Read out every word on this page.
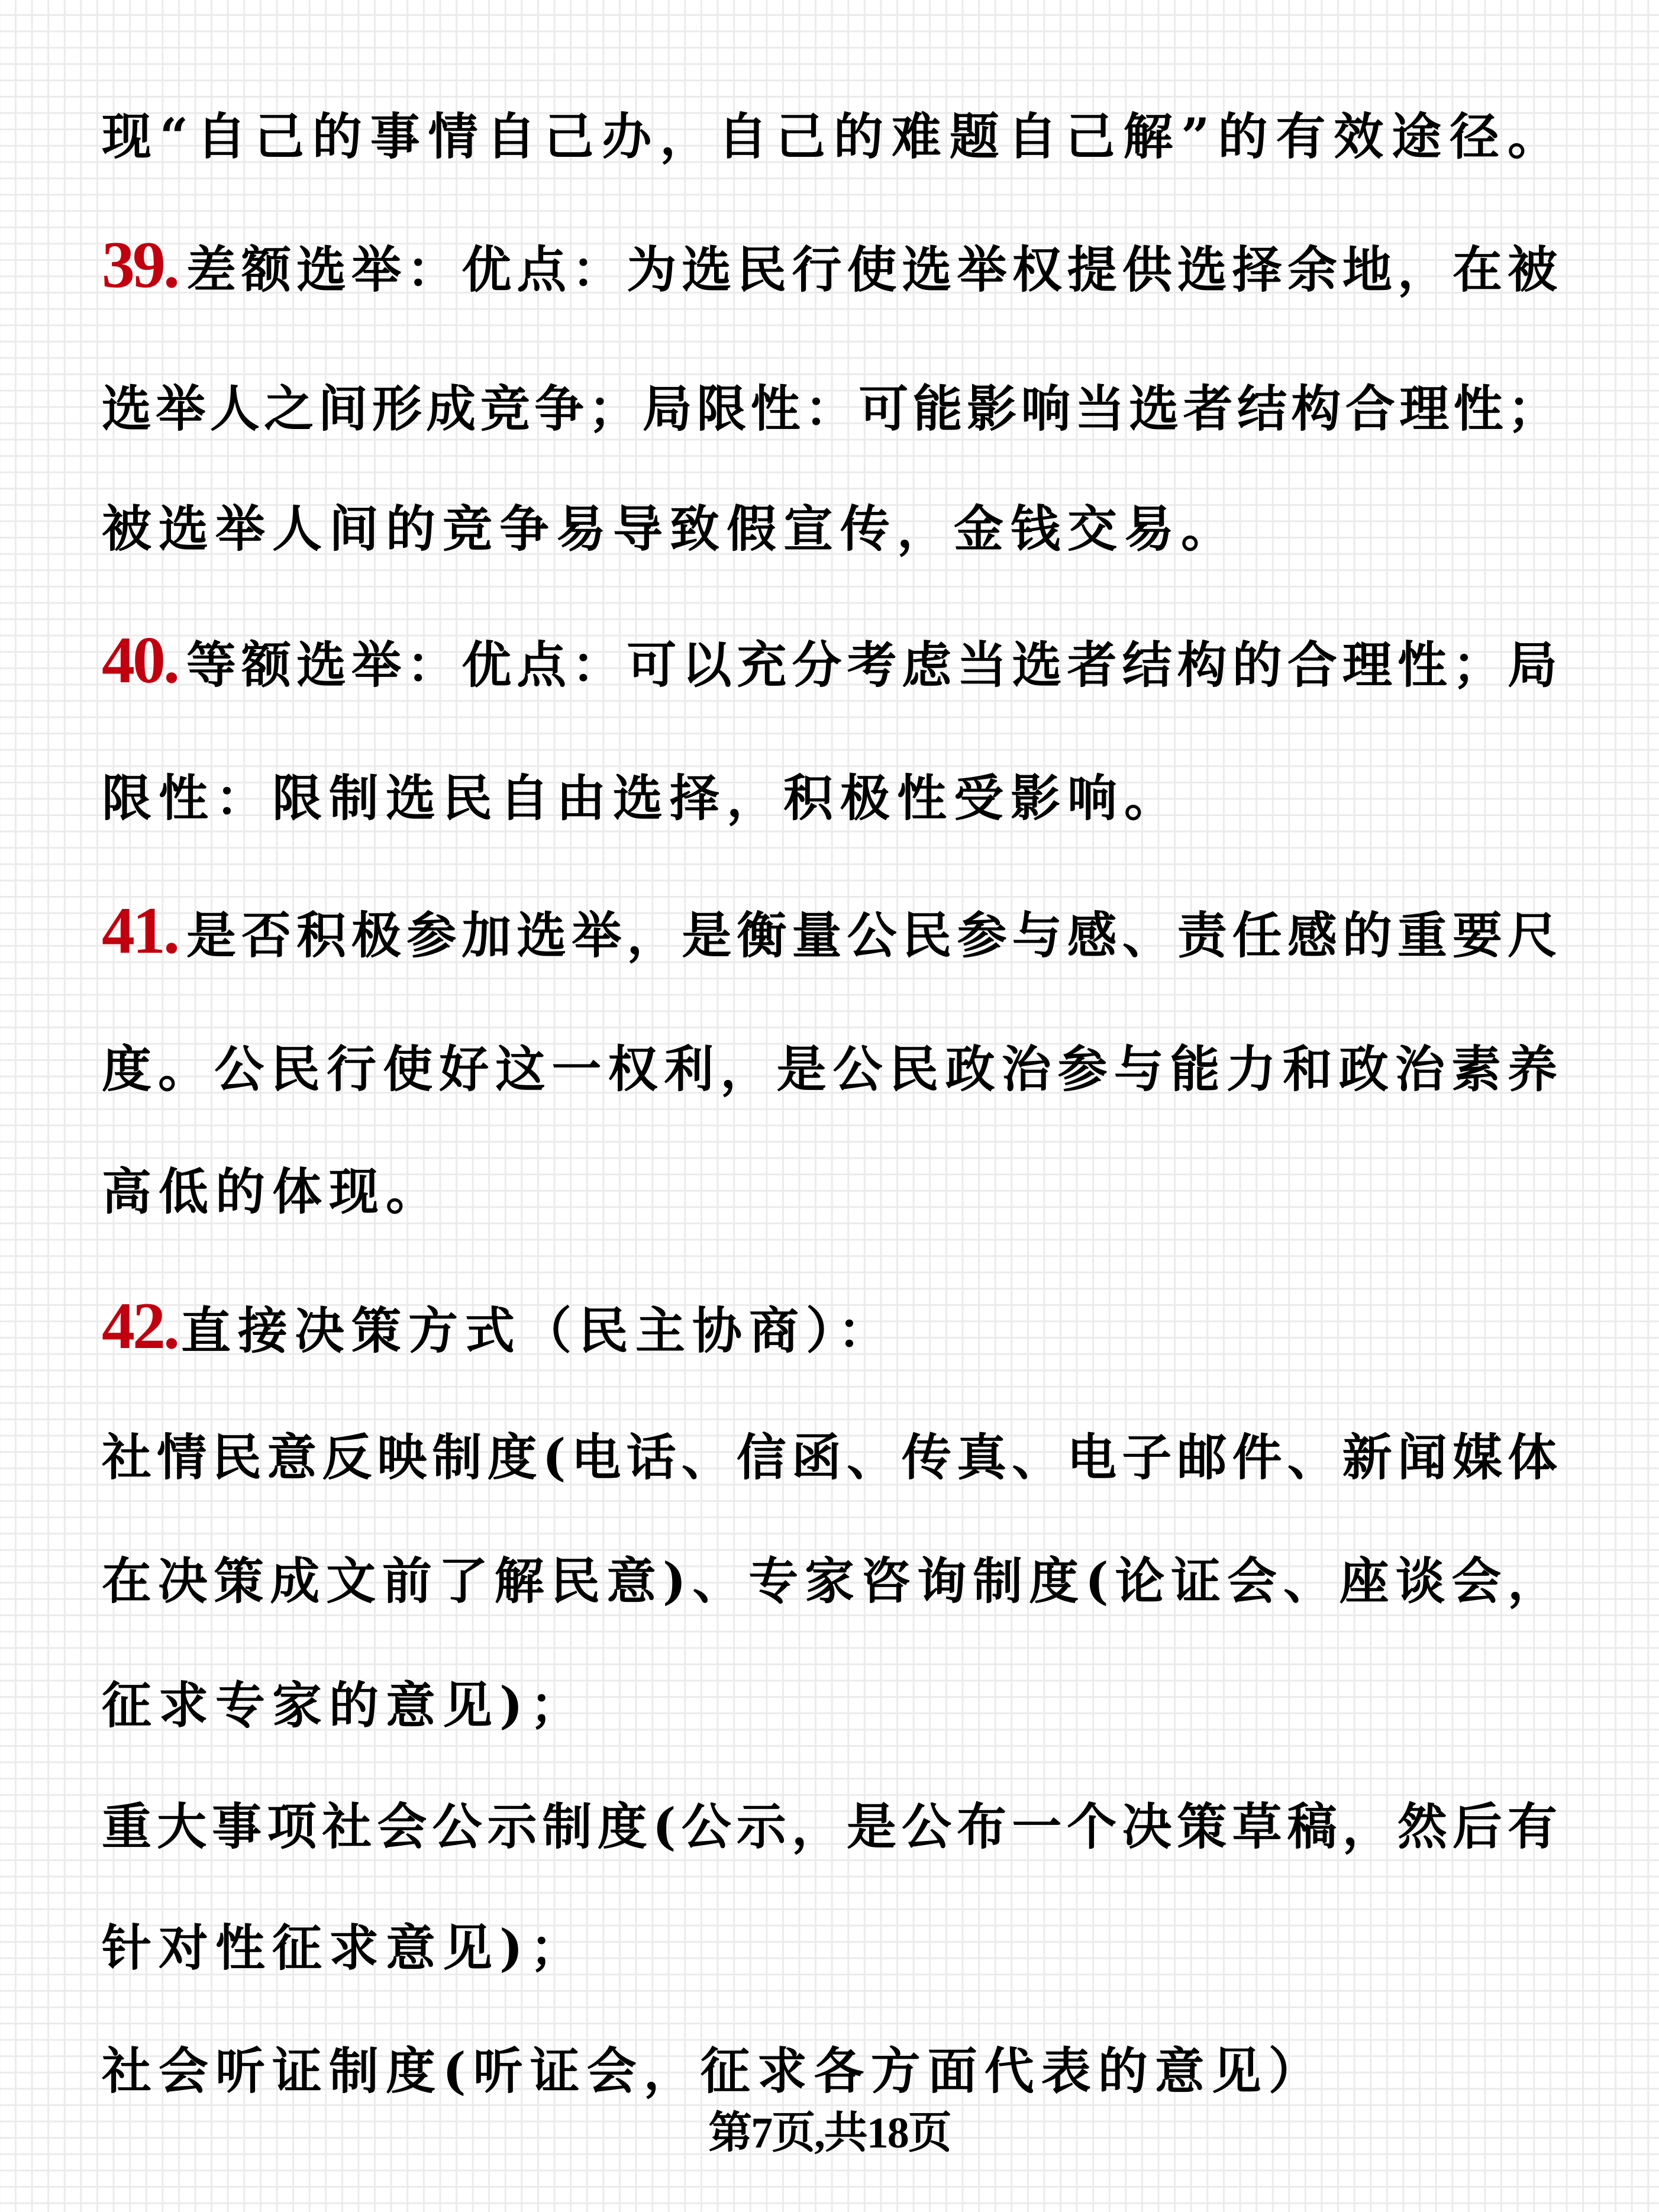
现“自己的事情自己办，自己的难题自己解”的有效途径。
39.差额选举：优点：为选民行使选举权提供选择余地，在被
选举人之间形成竞争；局限性：可能影响当选者结构合理性；
被选举人间的竞争易导致假宣传，金钱交易。
40.等额选举：优点：可以充分考虑当选者结构的合理性；局
限性：限制选民自由选择，积极性受影响。
41.是否积极参加选举，是衡量公民参与感、责任感的重要尺
度。公民行使好这一权利，是公民政治参与能力和政治素养
高低的体现。
42.直接决策方式（民主协商）：
社情民意反映制度(电话、信函、传真、电子邮件、新闻媒体
在决策成文前了解民意)、专家咨询制度(论证会、座谈会，
征求专家的意见)；
重大事项社会公示制度(公示，是公布一个决策草稿，然后有
针对性征求意见)；
社会听证制度(听证会，征求各方面代表的意见）
第7页,共18页
